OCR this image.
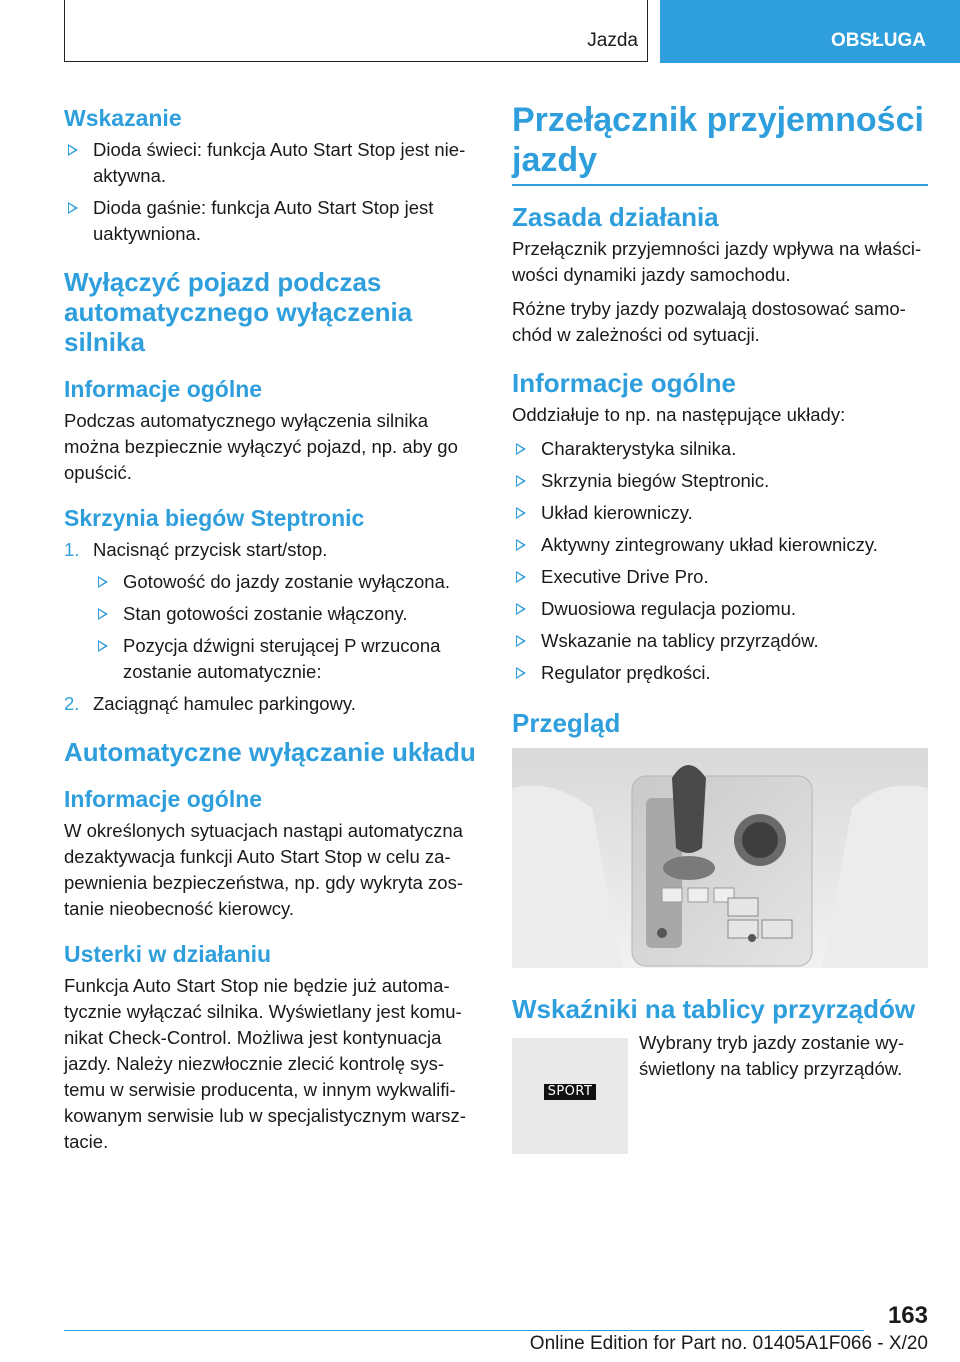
Jazda	OBSŁUGA
Wskazanie
Dioda świeci: funkcja Auto Start Stop jest nie-aktywna.
Dioda gaśnie: funkcja Auto Start Stop jest uaktywniona.
Wyłączyć pojazd podczas automatycznego wyłączenia silnika
Informacje ogólne

Podczas automatycznego wyłączenia silnika można bezpiecznie wyłączyć pojazd, np. aby go opuścić.

Skrzynia biegów Steptronic
1. Nacisnąć przycisk start/stop.
Gotowość do jazdy zostanie wyłączona.
Stan gotowości zostanie włączony.
Pozycja dźwigni sterującej P wrzucona zostanie automatycznie:
2. Zaciągnąć hamulec parkingowy.
Automatyczne wyłączanie układu
Informacje ogólne

W określonych sytuacjach nastąpi automatyczna dezaktywacja funkcji Auto Start Stop w celu za-pewnienia bezpieczeństwa, np. gdy wykryta zos-tanie nieobecność kierowcy.

Usterki w działaniu

Funkcja Auto Start Stop nie będzie już automa-tycznie wyłączać silnika. Wyświetlany jest komu-nikat Check-Control. Możliwa jest kontynuacja jazdy. Należy niezwłocznie zlecić kontrolę sys-temu w serwisie producenta, w innym wykwalifi-kowanym serwisie lub w specjalistycznym warsz-tacie.

Przełącznik przyjemności jazdy
Zasada działania

Przełącznik przyjemności jazdy wpływa na właści-wości dynamiki jazdy samochodu.

Różne tryby jazdy pozwalają dostosować samo-chód w zależności od sytuacji.

Informacje ogólne

Oddziałuje to np. na następujące układy:

Charakterystyka silnika.
Skrzynia biegów Steptronic.
Układ kierowniczy.
Aktywny zintegrowany układ kierowniczy.
Executive Drive Pro.
Dwuosiowa regulacja poziomu.
Wskazanie na tablicy przyrządów.
Regulator prędkości.
Przegląd
Wskaźniki na tablicy przyrządów
SPORT
Wybrany tryb jazdy zostanie wy-świetlony na tablicy przyrządów.
163
Online Edition for Part no. 01405A1F066 - X/20
